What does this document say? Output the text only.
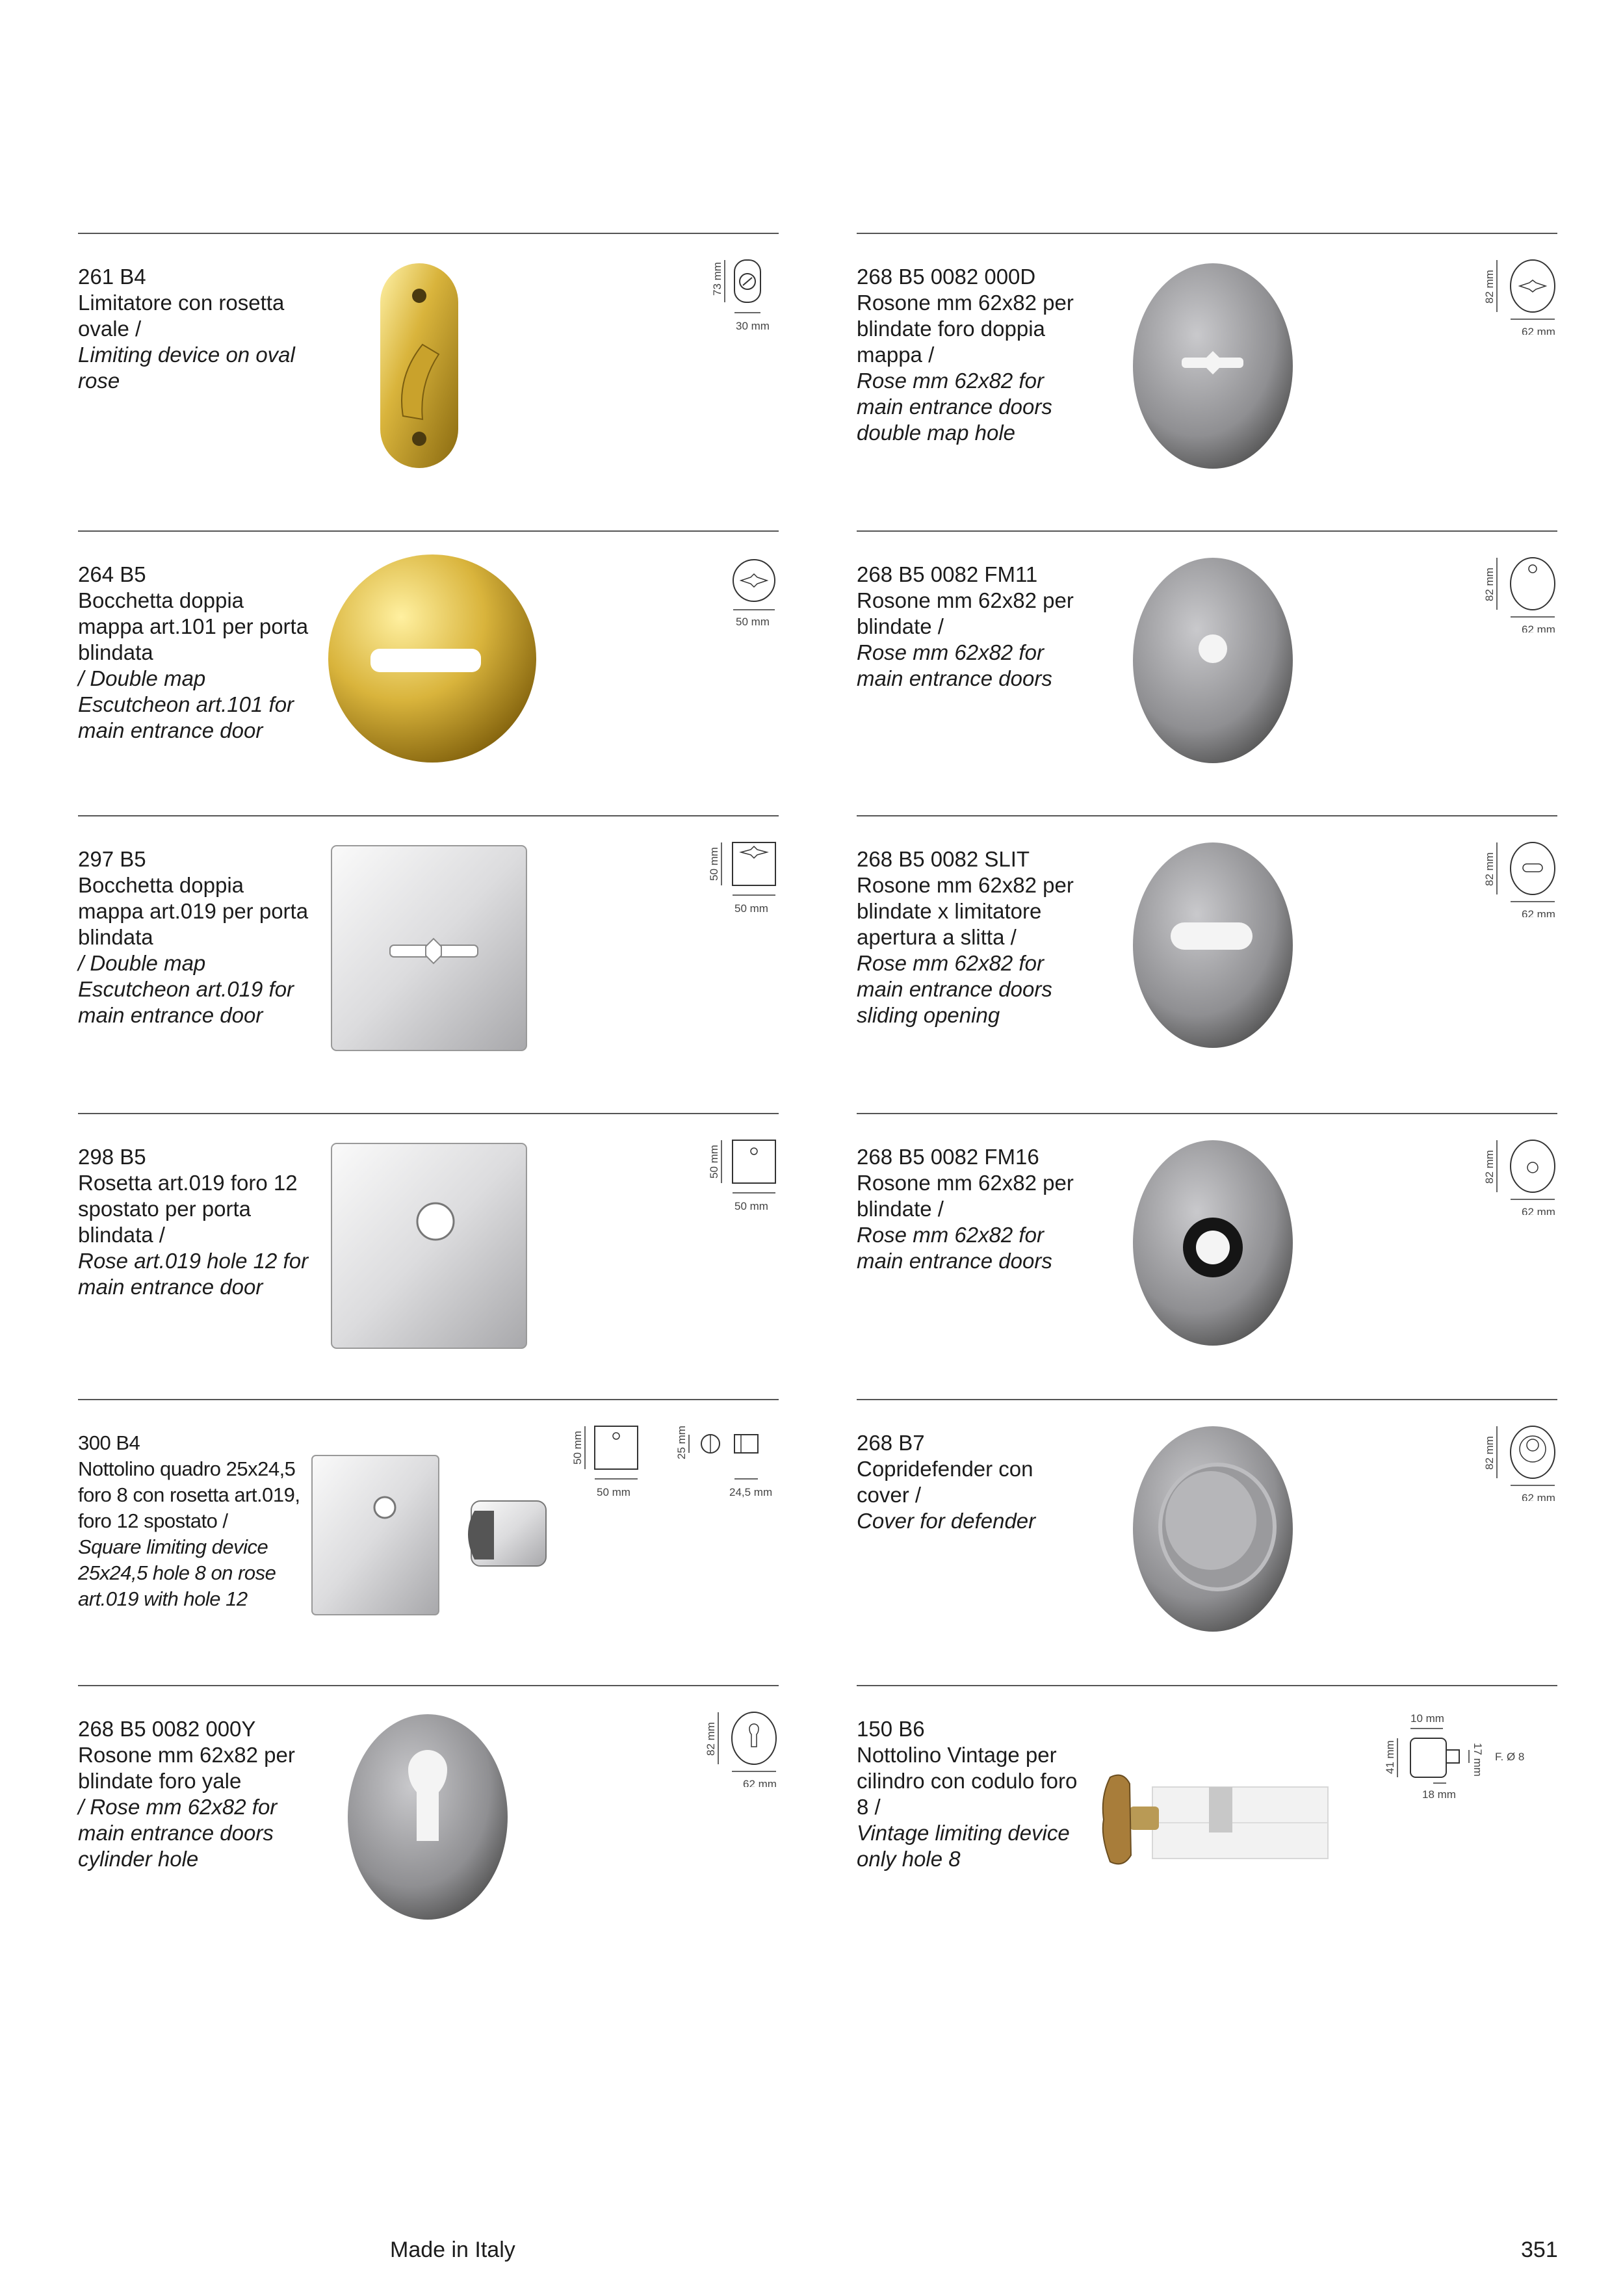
261 B4
Limitatore con rosetta ovale /
Limiting device on oval rose
73 mm
30 mm
268 B5 0082 000D
Rosone mm 62x82 per blindate foro doppia mappa /
Rose mm 62x82 for main entrance doors double map hole
82 mm
62 mm
264 B5
Bocchetta doppia mappa art.101 per porta blindata
/ Double map Escutcheon art.101 for main entrance door
50 mm
268 B5 0082 FM11
Rosone mm 62x82 per blindate /
Rose mm 62x82 for main entrance doors
82 mm
62 mm
297 B5
Bocchetta doppia mappa art.019 per porta blindata
/ Double map Escutcheon art.019 for main entrance door
50 mm
50 mm
268 B5 0082 SLIT
Rosone mm 62x82 per blindate x limitatore apertura a slitta /
Rose mm 62x82 for main entrance doors sliding opening
82 mm
62 mm
298 B5
Rosetta art.019 foro 12 spostato per porta blindata /
Rose art.019 hole 12 for main entrance door
50 mm
50 mm
268 B5 0082 FM16
Rosone mm 62x82 per blindate /
Rose mm 62x82 for main entrance doors
82 mm
62 mm
300 B4
Nottolino quadro 25x24,5 foro 8 con rosetta art.019, foro 12 spostato /
Square limiting device 25x24,5 hole 8 on rose art.019 with hole 12
50 mm
50 mm
25 mm
24,5 mm
268 B7
Copridefender con cover /
Cover for defender
82 mm
62 mm
268 B5 0082 000Y
Rosone mm 62x82 per blindate foro yale
/ Rose mm 62x82 for main entrance doors cylinder hole
82 mm
62 mm
150 B6
Nottolino Vintage per cilindro con codulo foro 8 /
Vintage limiting device only hole 8
10 mm
41 mm	17 mm F. Ø 8
18 mm
Made in Italy	351
